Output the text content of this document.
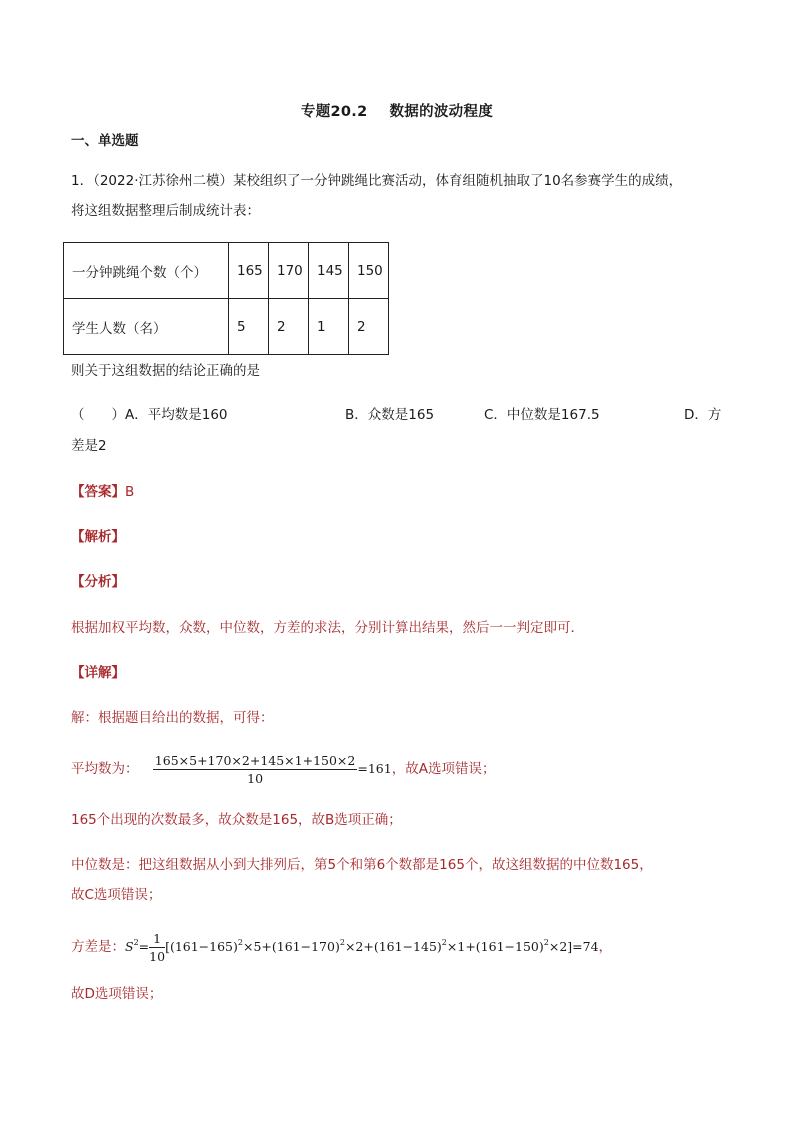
专题20.2 数据的波动程度
一、单选题
1．（2022·江苏徐州二模）某校组织了一分钟跳绳比赛活动，体育组随机抽取了10名参赛学生的成绩，
将这组数据整理后制成统计表：
一分钟跳绳个数（个）	165	170	145	150
学生人数（名）	5	2	1	2
则关于这组数据的结论正确的是
（　　）A．平均数是160	B．众数是165	C．中位数是167.5	D．方
差是2
【答案】B
【解析】
【分析】
根据加权平均数，众数，中位数，方差的求法，分别计算出结果，然后一一判定即可．
【详解】
解：根据题目给出的数据，可得：
平均数为： $\frac{165\times 5+170\times 2+145\times 1+150\times 2}{10} =161$，故A选项错误；
165个出现的次数最多，故众数是165，故B选项正确；
中位数是：把这组数据从小到大排列后，第5个和第6个数都是165个，故这组数据的中位数165，
故C选项错误；
方差是：$S^2= \frac{1}{10} [(161-165)^2\times 5+(161-170)^2\times 2+(161-145)^2\times 1+(161-150)^2\times 2]=74$，
故D选项错误；
